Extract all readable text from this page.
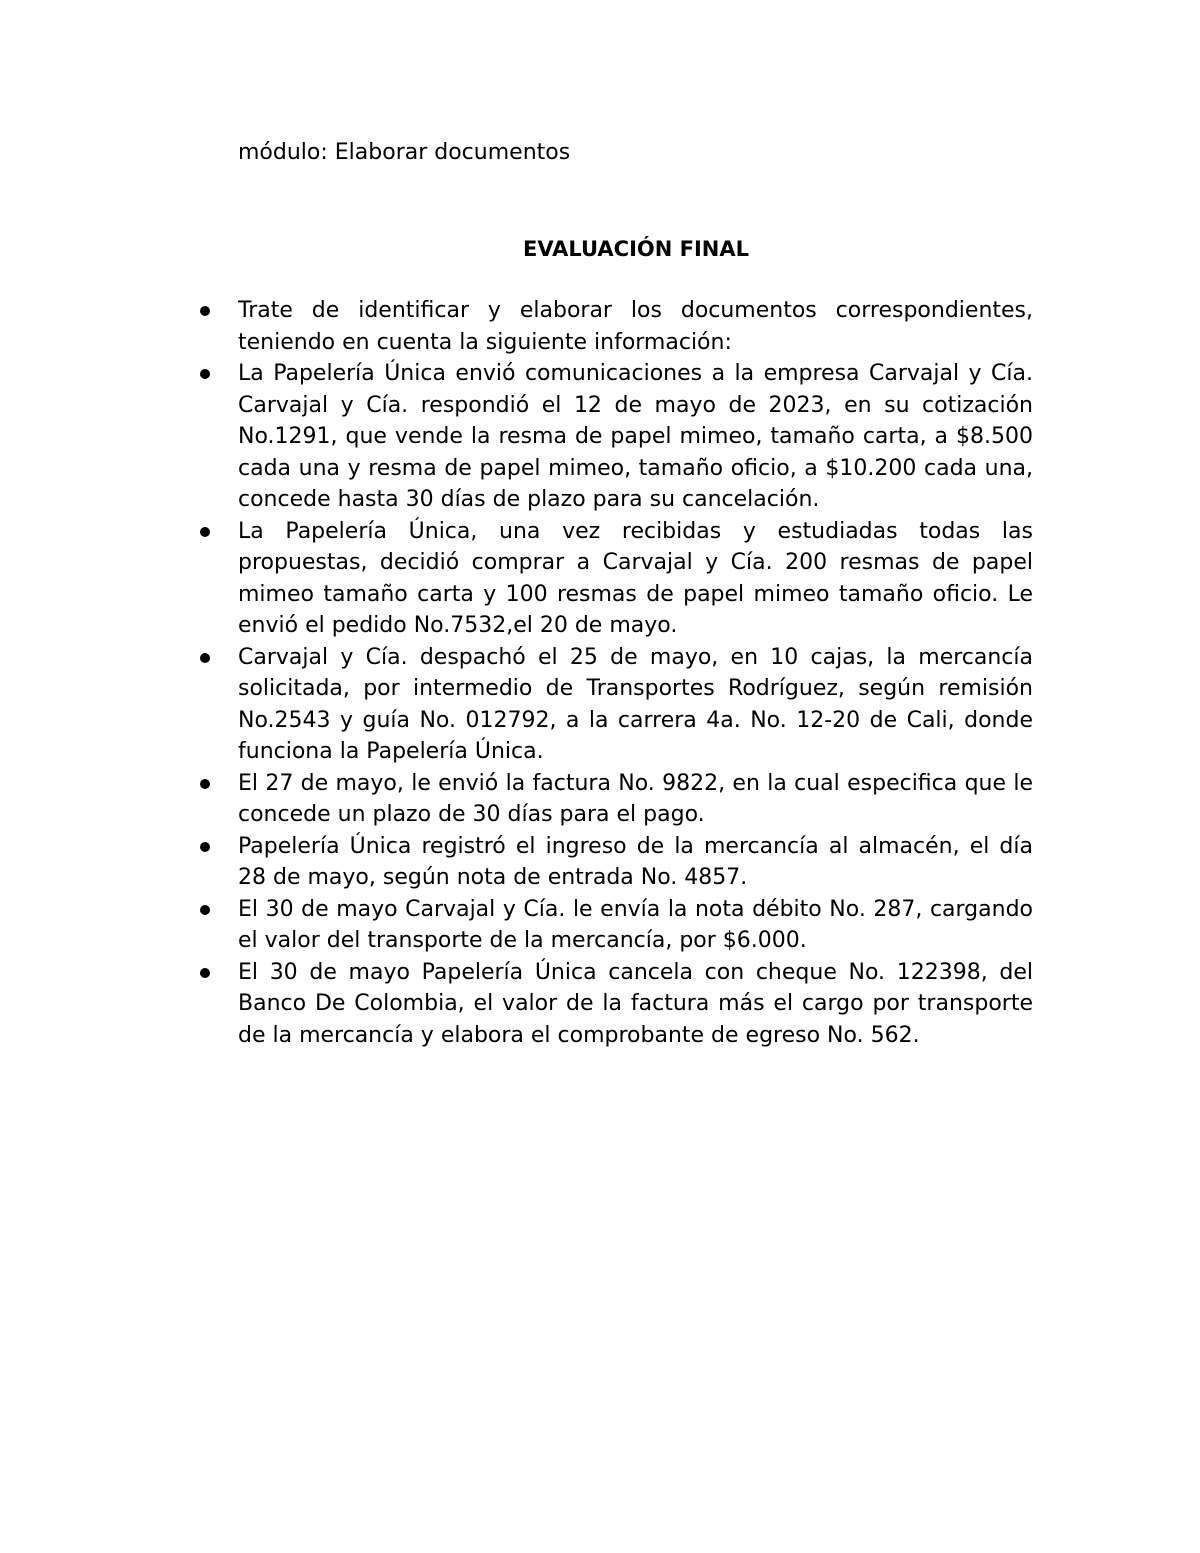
módulo: Elaborar documentos
EVALUACIÓN FINAL
Trate de identificar y elaborar los documentos correspondientes, teniendo en cuenta la siguiente información:
La Papelería Única envió comunicaciones a la empresa Carvajal y Cía. Carvajal y Cía. respondió el 12 de mayo de 2023, en su cotización No.1291, que vende la resma de papel mimeo, tamaño carta, a $8.500 cada una y resma de papel mimeo, tamaño oficio, a $10.200 cada una, concede hasta 30 días de plazo para su cancelación.
La Papelería Única, una vez recibidas y estudiadas todas las propuestas, decidió comprar a Carvajal y Cía. 200 resmas de papel mimeo tamaño carta y 100 resmas de papel mimeo tamaño oficio. Le envió el pedido No.7532,el 20 de mayo.
Carvajal y Cía. despachó el 25 de mayo, en 10 cajas, la mercancía solicitada, por intermedio de Transportes Rodríguez, según remisión No.2543 y guía No. 012792, a la carrera 4a. No. 12-20 de Cali, donde funciona la Papelería Única.
El 27 de mayo, le envió la factura No. 9822, en la cual especifica que le concede un plazo de 30 días para el pago.
Papelería Única registró el ingreso de la mercancía al almacén, el día 28 de mayo, según nota de entrada No. 4857.
El 30 de mayo Carvajal y Cía. le envía la nota débito No. 287, cargando el valor del transporte de la mercancía, por $6.000.
El 30 de mayo Papelería Única cancela con cheque No. 122398, del Banco De Colombia, el valor de la factura más el cargo por transporte de la mercancía y elabora el comprobante de egreso No. 562.
